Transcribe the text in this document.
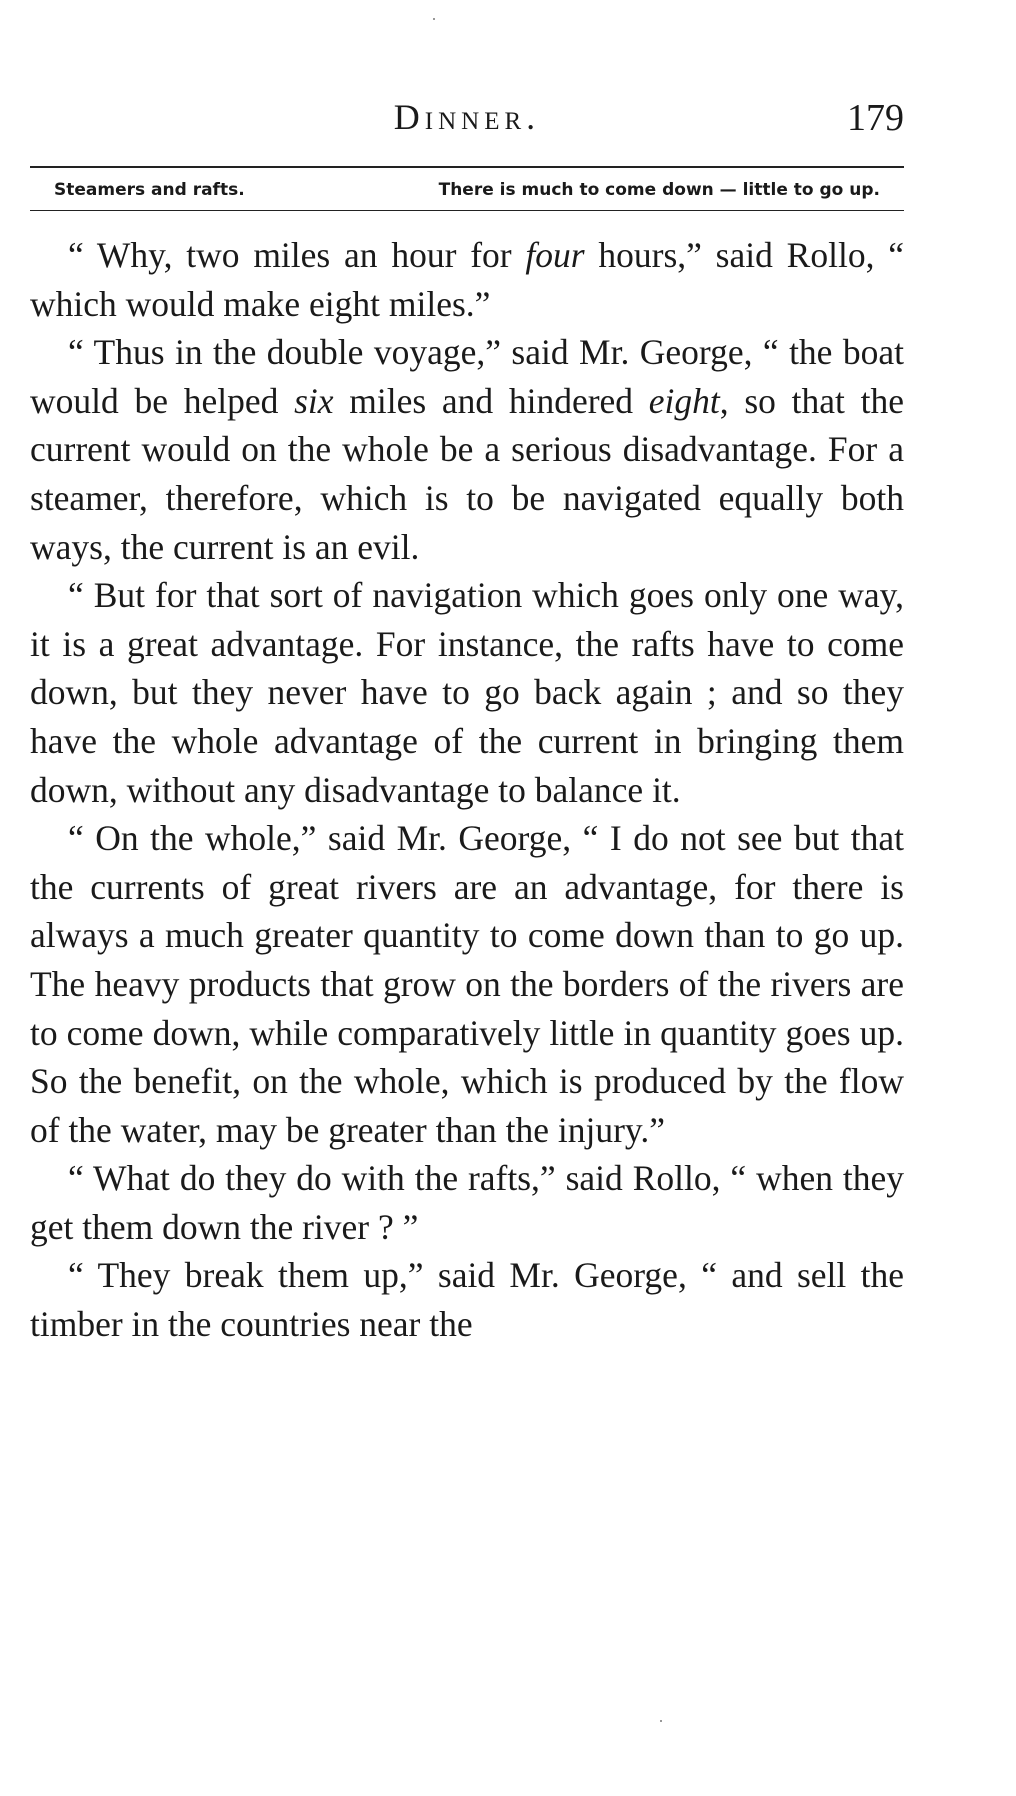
Dinner.	179
Steamers and rafts.	There is much to come down — little to go up.

“ Why, two miles an hour for four hours,” said Rollo, “ which would make eight miles.”

“ Thus in the double voyage,” said Mr. George, “ the boat would be helped six miles and hindered eight, so that the current would on the whole be a serious disadvantage. For a steamer, therefore, which is to be navigated equally both ways, the current is an evil.

“ But for that sort of navigation which goes only one way, it is a great advantage. For instance, the rafts have to come down, but they never have to go back again ; and so they have the whole advantage of the current in bringing them down, without any disadvantage to balance it.

“ On the whole,” said Mr. George, “ I do not see but that the currents of great rivers are an advantage, for there is always a much greater quantity to come down than to go up. The heavy products that grow on the borders of the rivers are to come down, while comparatively little in quantity goes up. So the benefit, on the whole, which is produced by the flow of the water, may be greater than the injury.”

“ What do they do with the rafts,” said Rollo, “ when they get them down the river ? ”

“ They break them up,” said Mr. George, “ and sell the timber in the countries near the
